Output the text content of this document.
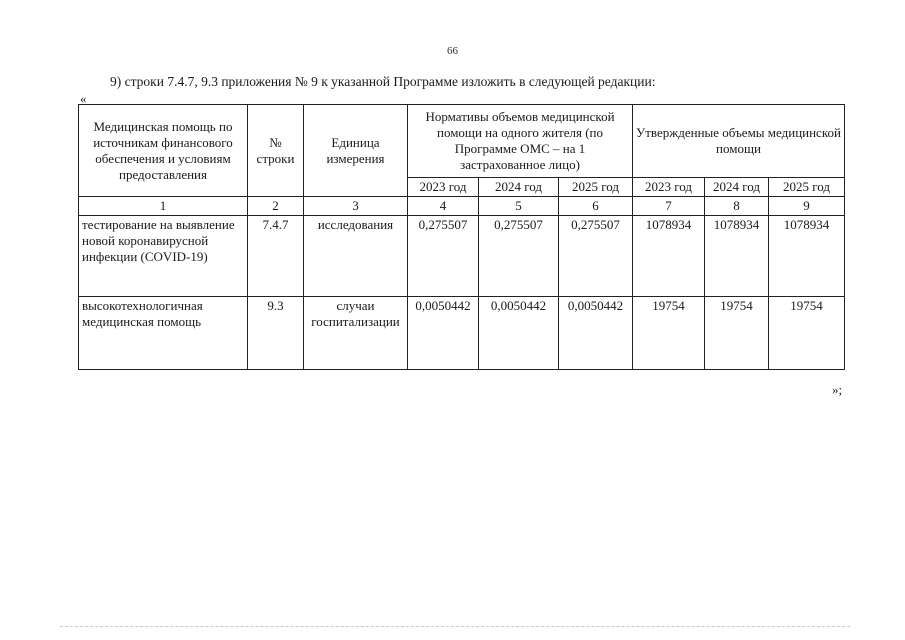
66
9) строки 7.4.7, 9.3 приложения № 9 к указанной Программе изложить в следующей редакции:
«
Медицинская помощь по источникам финансового обеспечения и условиям предоставления	№ строки	Единица измерения	Нормативы объемов медицинской помощи на одного жителя (по Программе ОМС – на 1 застрахованное лицо)			Утвержденные объемы медицинской помощи		
			2023 год	2024 год	2025 год	2023 год	2024 год	2025 год
1	2	3	4	5	6	7	8	9
тестирование на выявление новой коронавирусной инфекции (COVID-19)	7.4.7	исследования	0,275507	0,275507	0,275507	1078934	1078934	1078934
высокотехнологичная медицинская помощь	9.3	случаи госпитализации	0,0050442	0,0050442	0,0050442	19754	19754	19754
»;
